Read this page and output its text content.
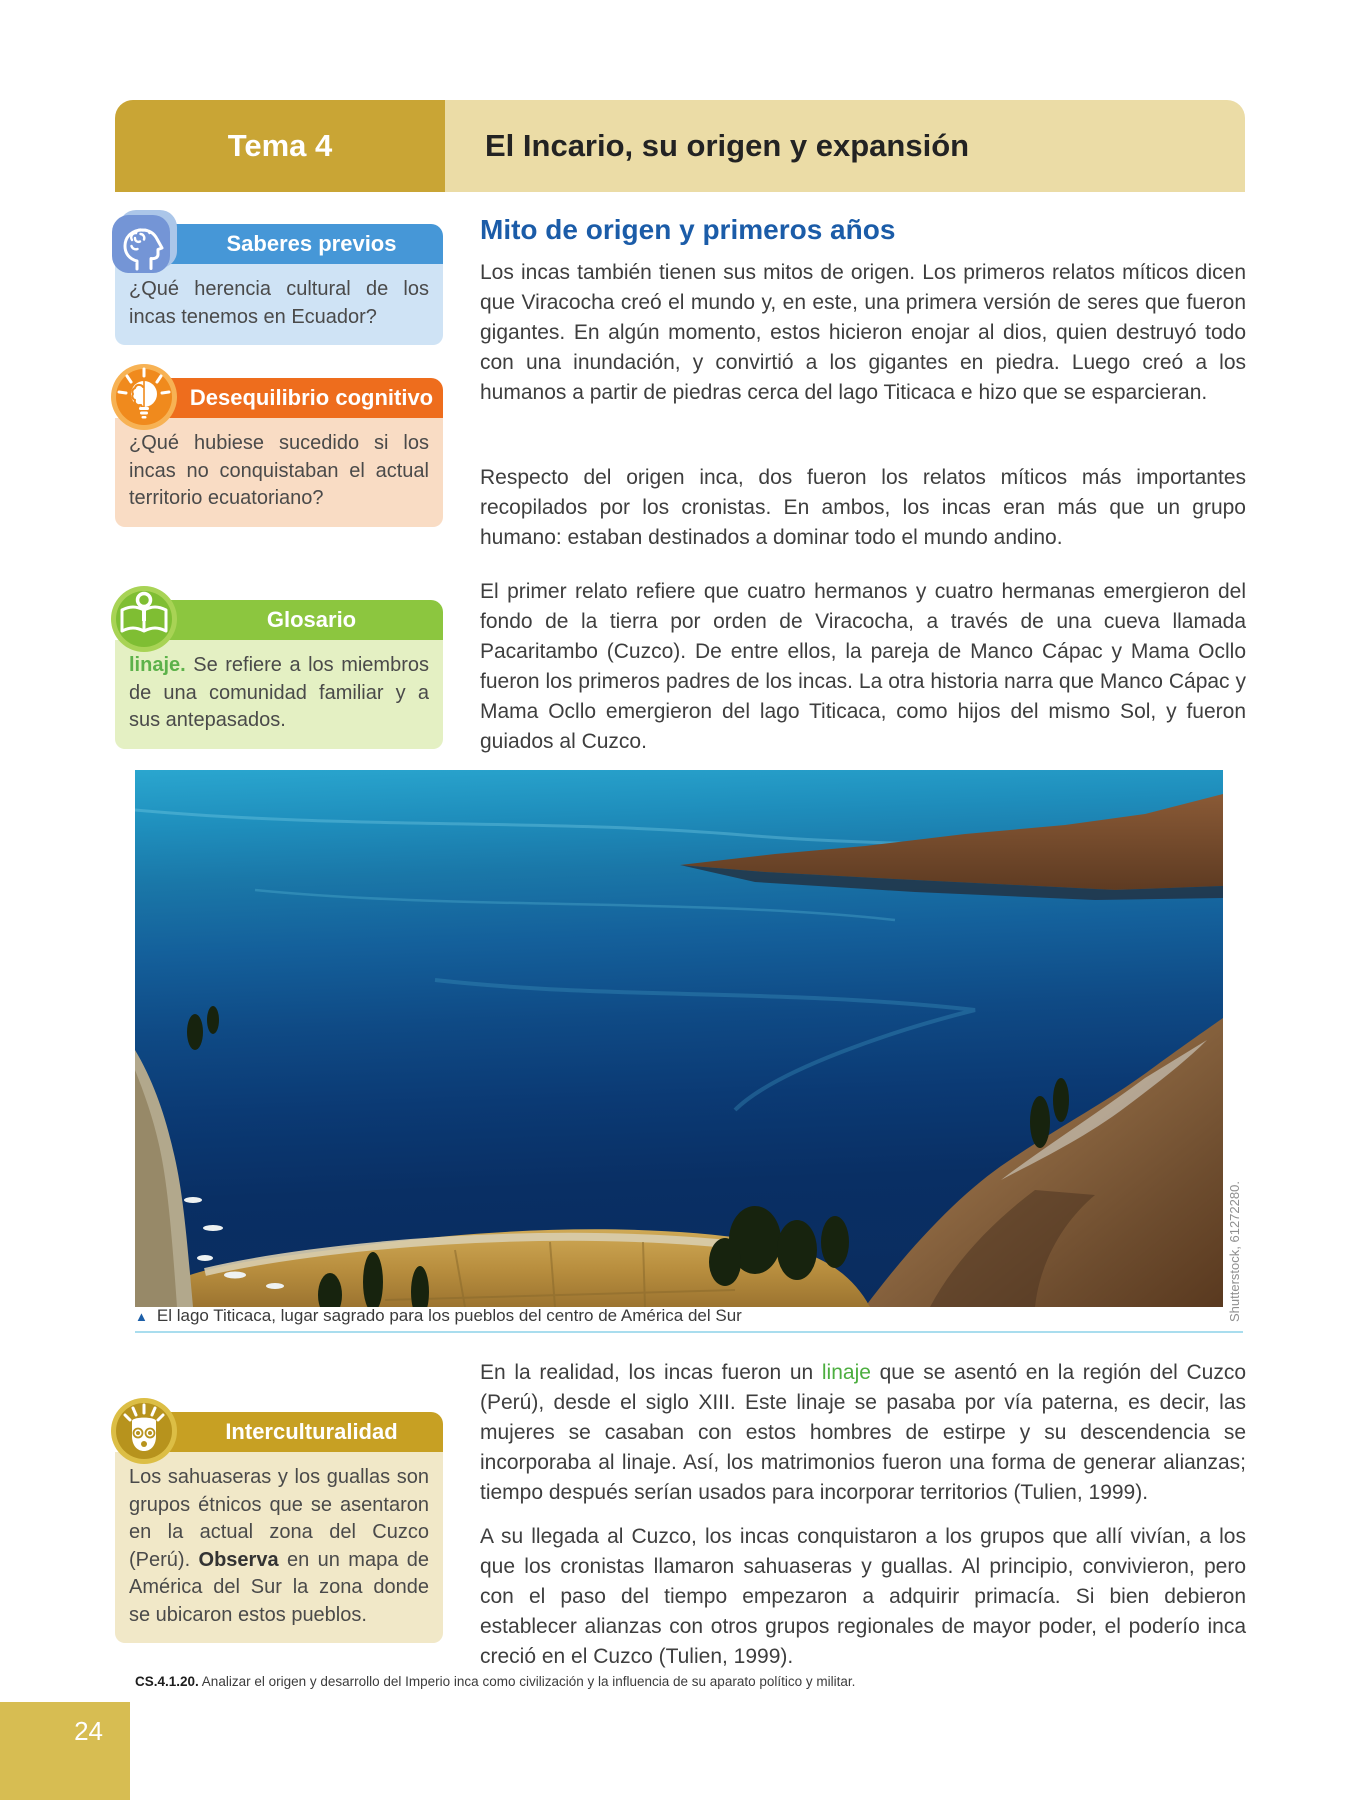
Tema 4	El Incario, su origen y expansión
Saberes previos
¿Qué herencia cultural de los incas tenemos en Ecuador?
Desequilibrio cognitivo
¿Qué hubiese sucedido si los incas no conquistaban el actual territorio ecuatoriano?
Glosario
linaje. Se refiere a los miembros de una comunidad familiar y a sus antepasados.
Mito de origen y primeros años
Los incas también tienen sus mitos de origen. Los primeros relatos míticos dicen que Viracocha creó el mundo y, en este, una primera versión de seres que fueron gigantes. En algún momento, estos hicieron enojar al dios, quien destruyó todo con una inundación, y convirtió a los gigantes en piedra. Luego creó a los humanos a partir de piedras cerca del lago Titicaca e hizo que se esparcieran.
Respecto del origen inca, dos fueron los relatos míticos más importantes recopilados por los cronistas. En ambos, los incas eran más que un grupo humano: estaban destinados a dominar todo el mundo andino.
El primer relato refiere que cuatro hermanos y cuatro hermanas emergieron del fondo de la tierra por orden de Viracocha, a través de una cueva llamada Pacaritambo (Cuzco). De entre ellos, la pareja de Manco Cápac y Mama Ocllo fueron los primeros padres de los incas. La otra historia narra que Manco Cápac y Mama Ocllo emergieron del lago Titicaca, como hijos del mismo Sol, y fueron guiados al Cuzco.
Shutterstock, 61272280.
▲ El lago Titicaca, lugar sagrado para los pueblos del centro de América del Sur
En la realidad, los incas fueron un linaje que se asentó en la región del Cuzco (Perú), desde el siglo XIII. Este linaje se pasaba por vía paterna, es decir, las mujeres se casaban con estos hombres de estirpe y su descendencia se incorporaba al linaje. Así, los matrimonios fueron una forma de generar alianzas; tiempo después serían usados para incorporar territorios (Tulien, 1999).
A su llegada al Cuzco, los incas conquistaron a los grupos que allí vivían, a los que los cronistas llamaron sahuaseras y guallas. Al principio, convivieron, pero con el paso del tiempo empezaron a adquirir primacía. Si bien debieron establecer alianzas con otros grupos regionales de mayor poder, el poderío inca creció en el Cuzco (Tulien, 1999).
Interculturalidad
Los sahuaseras y los guallas son grupos étnicos que se asentaron en la actual zona del Cuzco (Perú). Observa en un mapa de América del Sur la zona donde se ubicaron estos pueblos.
CS.4.1.20. Analizar el origen y desarrollo del Imperio inca como civilización y la influencia de su aparato político y militar.
24
